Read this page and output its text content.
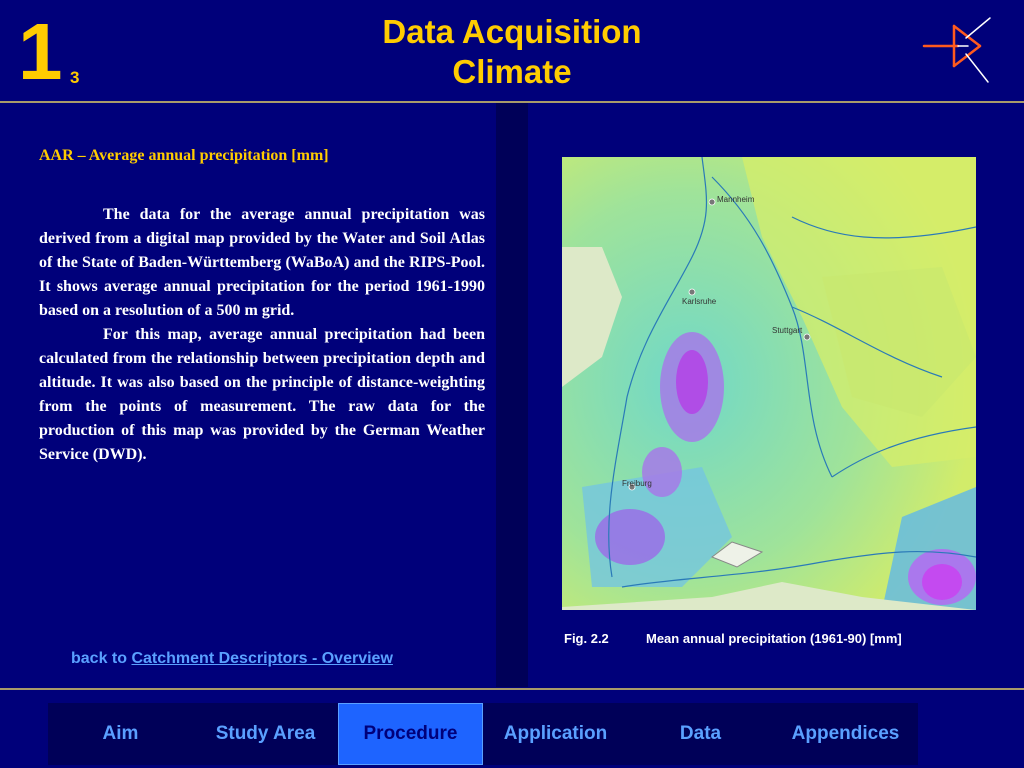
1 3
Data Acquisition
Climate
AAR – Average annual precipitation [mm]

The data for the average annual precipitation was derived from a digital map provided by the Water and Soil Atlas of the State of Baden-Württemberg (WaBoA) and the RIPS-Pool. It shows average annual precipitation for the period 1961-1990 based on a resolution of a 500 m grid.

For this map, average annual precipitation had been calculated from the relationship between precipitation depth and altitude. It was also based on the principle of distance-weighting from the points of measurement. The raw data for the production of this map was provided by the German Weather Service (DWD).

back to Catchment Descriptors - Overview
Mannheim
Karlsruhe
Stuttgart
Freiburg
Fig. 2.2	Mean annual precipitation (1961-90) [mm]
Aim	Study Area	Procedure	Application	Data	Appendices
